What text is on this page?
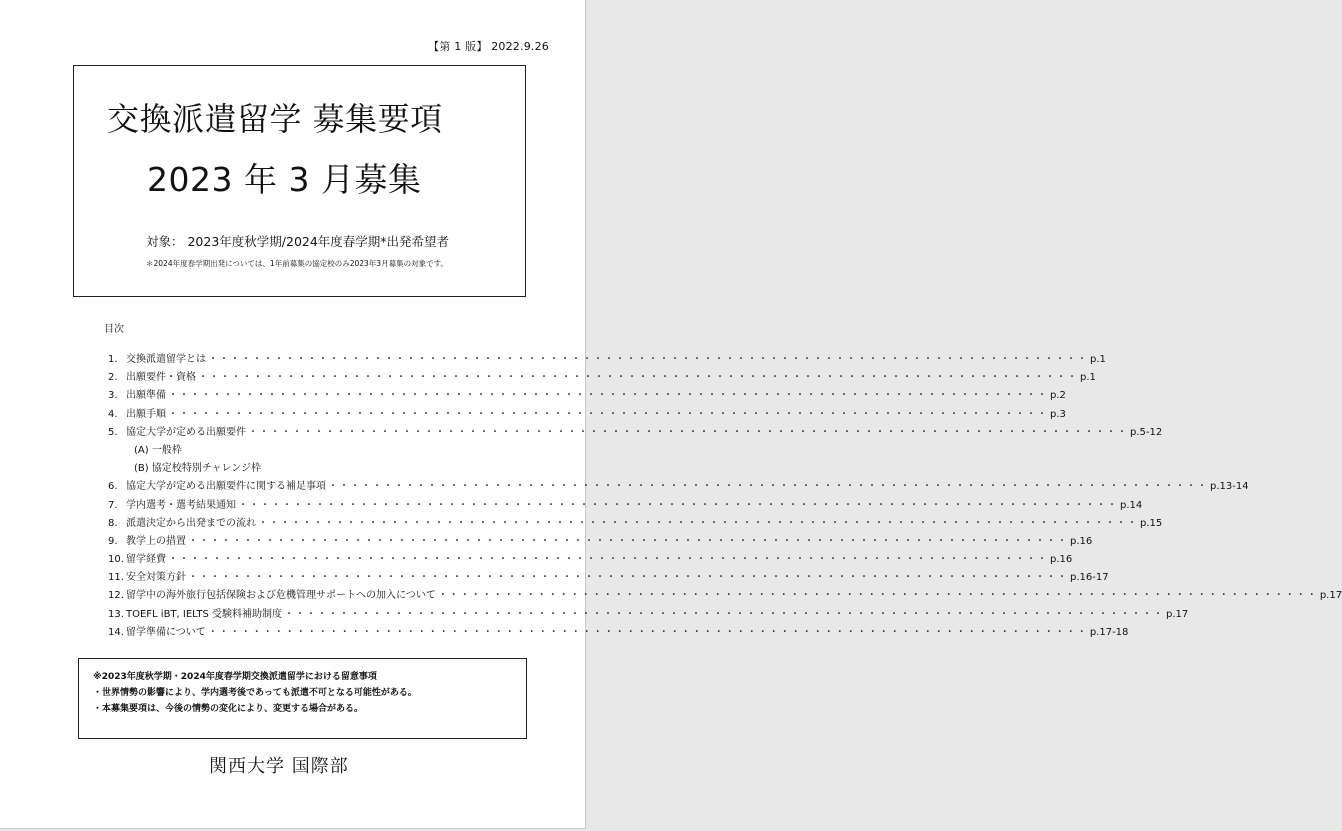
【第 1 版】 2022.9.26
交換派遣留学 募集要項
2023 年 3 月募集
対象： 2023年度秋学期/2024年度春学期*出発希望者
＊2024年度春学期出発については、1年前募集の協定校のみ2023年3月募集の対象です。
目次
1. 交換派遣留学とは ・・・・・・・・・・・・・・・・・・・・・・・・・・・・・・・・・・・・・・・・・・・・・・・・・・・・・・・・・・・・・・・・・・・・・・・・・・・・・・・・ p.1
2. 出願要件・資格 ・・・・・・・・・・・・・・・・・・・・・・・・・・・・・・・・・・・・・・・・・・・・・・・・・・・・・・・・・・・・・・・・・・・・・・・・・・・・・・・・ p.1
3. 出願準備 ・・・・・・・・・・・・・・・・・・・・・・・・・・・・・・・・・・・・・・・・・・・・・・・・・・・・・・・・・・・・・・・・・・・・・・・・・・・・・・・・ p.2
4. 出願手順 ・・・・・・・・・・・・・・・・・・・・・・・・・・・・・・・・・・・・・・・・・・・・・・・・・・・・・・・・・・・・・・・・・・・・・・・・・・・・・・・・ p.3
5. 協定大学が定める出願要件 ・・・・・・・・・・・・・・・・・・・・・・・・・・・・・・・・・・・・・・・・・・・・・・・・・・・・・・・・・・・・・・・・・・・・・・・・・・・・・・・・ p.5-12
(A) 一般枠
(B) 協定校特別チャレンジ枠
6. 協定大学が定める出願要件に関する補足事項 ・・・・・・・・・・・・・・・・・・・・・・・・・・・・・・・・・・・・・・・・・・・・・・・・・・・・・・・・・・・・・・・・・・・・・・・・・・・・・・・・ p.13-14
7. 学内選考・選考結果通知 ・・・・・・・・・・・・・・・・・・・・・・・・・・・・・・・・・・・・・・・・・・・・・・・・・・・・・・・・・・・・・・・・・・・・・・・・・・・・・・・・ p.14
8. 派遣決定から出発までの流れ ・・・・・・・・・・・・・・・・・・・・・・・・・・・・・・・・・・・・・・・・・・・・・・・・・・・・・・・・・・・・・・・・・・・・・・・・・・・・・・・・ p.15
9. 教学上の措置 ・・・・・・・・・・・・・・・・・・・・・・・・・・・・・・・・・・・・・・・・・・・・・・・・・・・・・・・・・・・・・・・・・・・・・・・・・・・・・・・・ p.16
10. 留学経費 ・・・・・・・・・・・・・・・・・・・・・・・・・・・・・・・・・・・・・・・・・・・・・・・・・・・・・・・・・・・・・・・・・・・・・・・・・・・・・・・・ p.16
11. 安全対策方針 ・・・・・・・・・・・・・・・・・・・・・・・・・・・・・・・・・・・・・・・・・・・・・・・・・・・・・・・・・・・・・・・・・・・・・・・・・・・・・・・・ p.16-17
12. 留学中の海外旅行包括保険および危機管理サポートへの加入について ・・・・・・・・・・・・・・・・・・・・・・・・・・・・・・・・・・・・・・・・・・・・・・・・・・・・・・・・・・・・・・・・・・・・・・・・・・・・・・・・ p.17
13. TOEFL iBT, IELTS 受験料補助制度 ・・・・・・・・・・・・・・・・・・・・・・・・・・・・・・・・・・・・・・・・・・・・・・・・・・・・・・・・・・・・・・・・・・・・・・・・・・・・・・・・ p.17
14. 留学準備について ・・・・・・・・・・・・・・・・・・・・・・・・・・・・・・・・・・・・・・・・・・・・・・・・・・・・・・・・・・・・・・・・・・・・・・・・・・・・・・・・ p.17-18
※2023年度秋学期・2024年度春学期交換派遣留学における留意事項
・世界情勢の影響により、学内選考後であっても派遣不可となる可能性がある。
・本募集要項は、今後の情勢の変化により、変更する場合がある。
関西大学 国際部
